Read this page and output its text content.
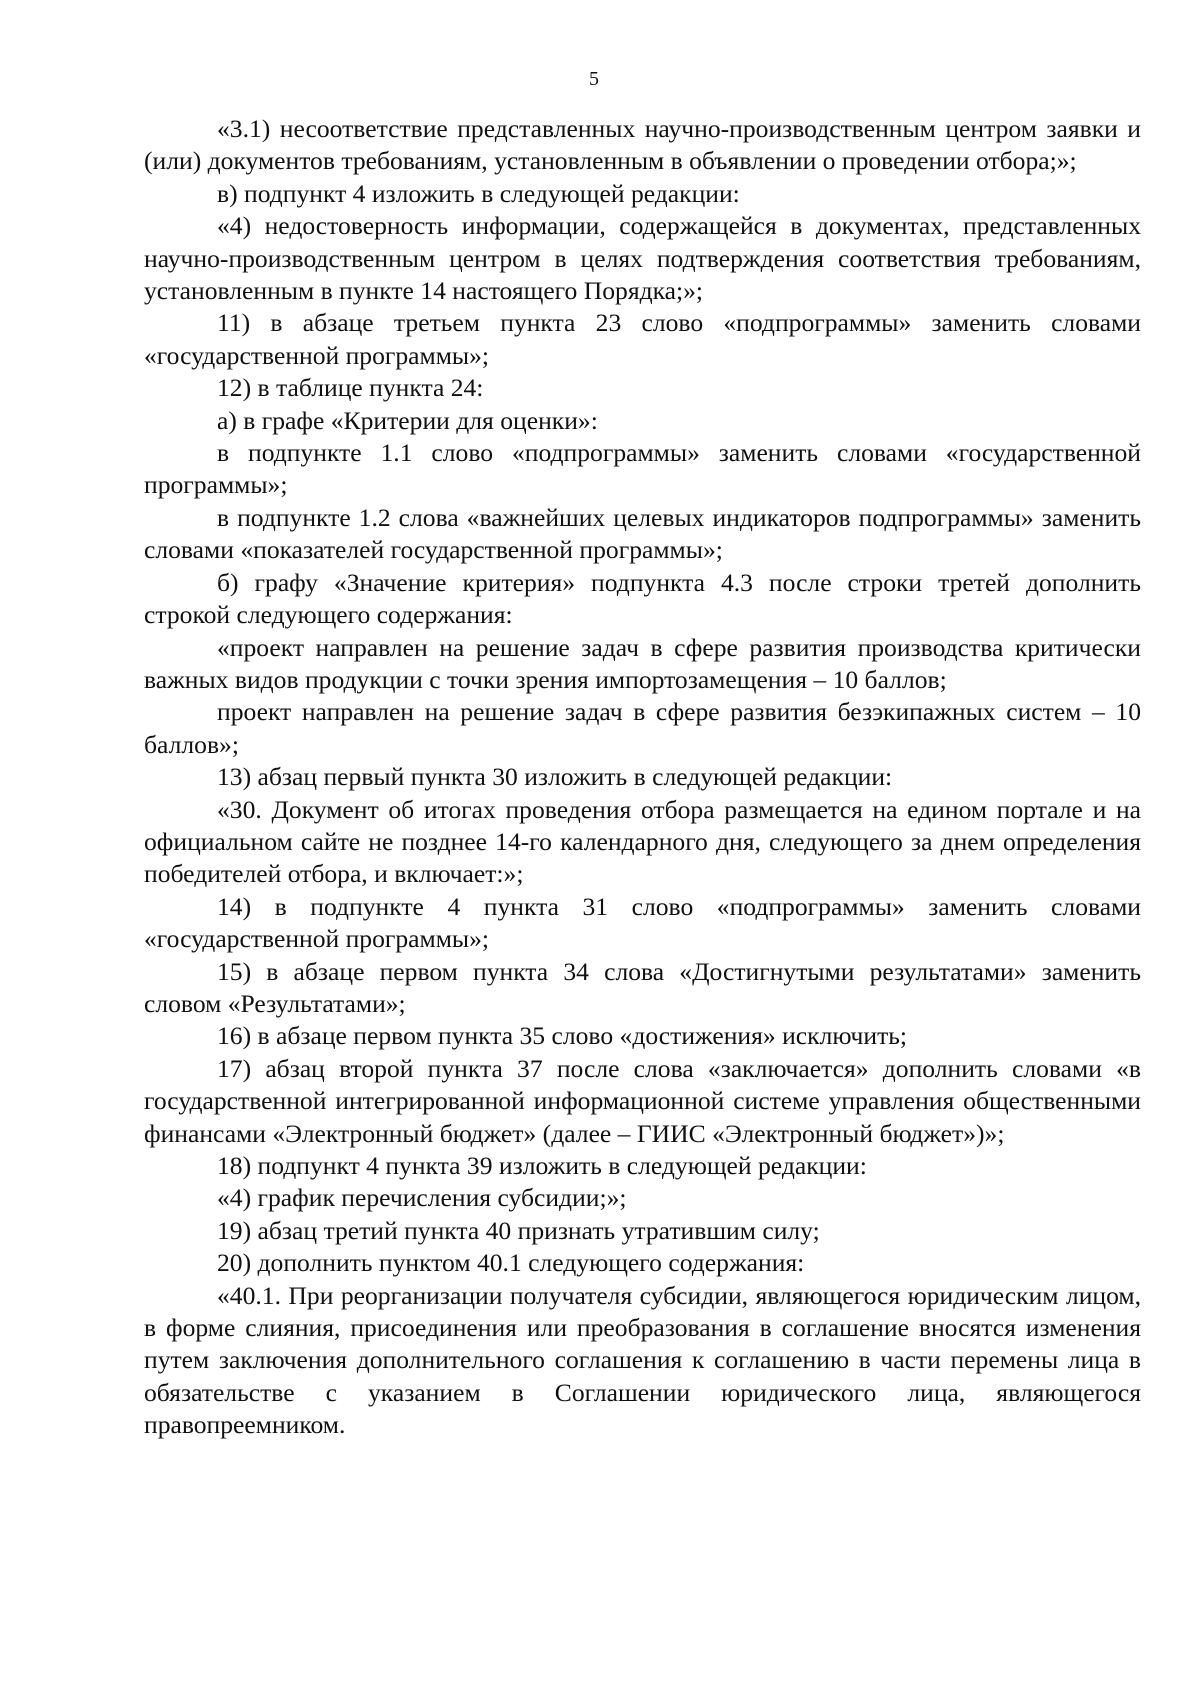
5

«3.1) несоответствие представленных научно-производственным центром заявки и (или) документов требованиям, установленным в объявлении о проведении отбора;»;

в) подпункт 4 изложить в следующей редакции:

«4) недостоверность информации, содержащейся в документах, представленных научно-производственным центром в целях подтверждения соответствия требованиям, установленным в пункте 14 настоящего Порядка;»;

11) в абзаце третьем пункта 23 слово «подпрограммы» заменить словами «государственной программы»;

12) в таблице пункта 24:

а) в графе «Критерии для оценки»:

в подпункте 1.1 слово «подпрограммы» заменить словами «государственной программы»;

в подпункте 1.2 слова «важнейших целевых индикаторов подпрограммы» заменить словами «показателей государственной программы»;

б) графу «Значение критерия» подпункта 4.3 после строки третей дополнить строкой следующего содержания:

«проект направлен на решение задач в сфере развития производства критически важных видов продукции с точки зрения импортозамещения – 10 баллов;

проект направлен на решение задач в сфере развития безэкипажных систем – 10 баллов»;

13) абзац первый пункта 30 изложить в следующей редакции:

«30. Документ об итогах проведения отбора размещается на едином портале и на официальном сайте не позднее 14-го календарного дня, следующего за днем определения победителей отбора, и включает:»;

14) в подпункте 4 пункта 31 слово «подпрограммы» заменить словами «государственной программы»;

15) в абзаце первом пункта 34 слова «Достигнутыми результатами» заменить словом «Результатами»;

16) в абзаце первом пункта 35 слово «достижения» исключить;

17) абзац второй пункта 37 после слова «заключается» дополнить словами «в государственной интегрированной информационной системе управления общественными финансами «Электронный бюджет» (далее – ГИИС «Электронный бюджет»)»;

18) подпункт 4 пункта 39 изложить в следующей редакции:

«4) график перечисления субсидии;»;

19) абзац третий пункта 40 признать утратившим силу;

20) дополнить пунктом 40.1 следующего содержания:

«40.1. При реорганизации получателя субсидии, являющегося юридическим лицом, в форме слияния, присоединения или преобразования в соглашение вносятся изменения путем заключения дополнительного соглашения к соглашению в части перемены лица в обязательстве с указанием в Соглашении юридического лица, являющегося правопреемником.
